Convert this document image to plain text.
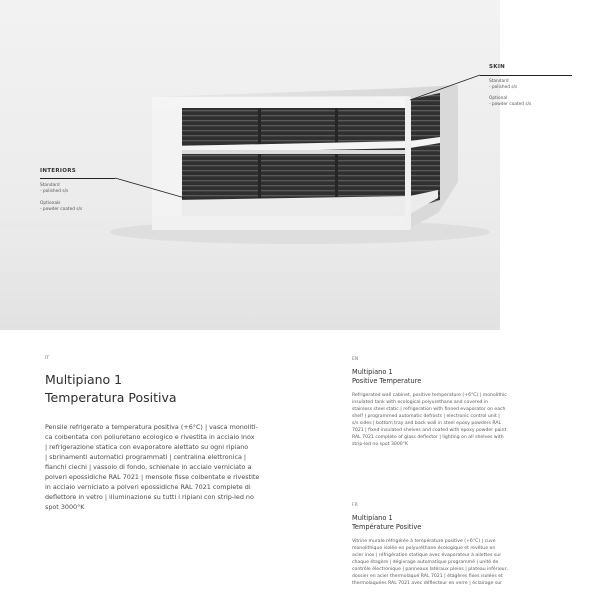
SKIN
Standard
- polished s/s
Optional
- powder coated s/s
INTERIORS
Standard
- polished s/s
Optionals
- powder coated s/s
IT
Multipiano 1
Temperatura Positiva
Pensile refrigerato a temperatura positiva (+6°C) | vasca monoliti-
ca coibentata con poliuretano ecologico e rivestita in acciaio inox
| refrigerazione statica con evaporatore alettato su ogni ripiano
| sbrinamenti automatici programmati | centralina elettronica |
fianchi ciechi | vassoio di fondo, schienale in acciaio verniciato a
polveri epossidiche RAL 7021 | mensole fisse coibentate e rivestite
in acciaio verniciato a polveri epossidiche RAL 7021 complete di
deflettore in vetro | illuminazione su tutti i ripiani con strip-led no
spot 3000°K
EN
Multipiano 1
Positive Temperature
Refrigerated wall cabinet, positive temperature (+6°C) | monolithic
insulated tank with ecological polyurethane and covered in
stainless steel static | refrigeration with finned evaporator on each
shelf | programmed automatic defrosts | electronic control unit |
s/s sides | bottom tray and back wall in steel epoxy powders RAL
7021 | fixed insulated shelves and coated with epoxy powder paint
RAL 7021 complete of glass deflector | lighting on all shelves with
strip-led no spot 3000°K
FR
Multipiano 1
Température Positive
Vitrine murale réfrigérée à température positive (+6°C) | cuve
monolithique isolée en polyuréthane écologique et revêtue en
acier inox | réfrigération statique avec évaporateur à ailettes sur
chaque étagère | dégivrage automatique programmé | unité de
contrôle électronique | panneaux latéraux pleins | plateau inférieur,
dossier en acier thermolaqué RAL 7021 | étagères fixes isolées et
thermolaquées RAL 7021 avec déflecteur en verre | éclairage sur
